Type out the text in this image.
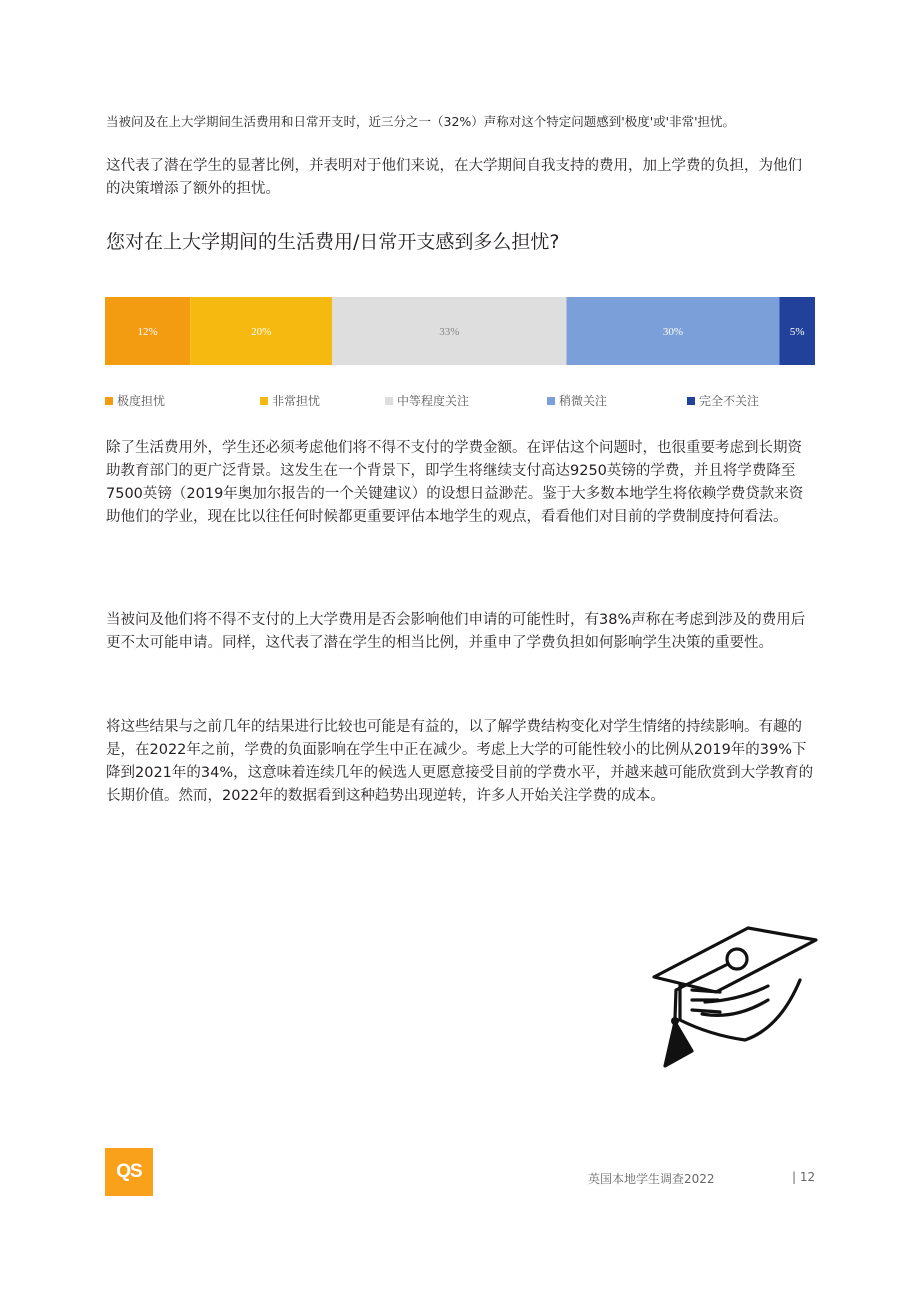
当被问及在上大学期间生活费用和日常开支时，近三分之一（32%）声称对这个特定问题感到'极度'或'非常'担忧。
这代表了潜在学生的显著比例，并表明对于他们来说，在大学期间自我支持的费用，加上学费的负担，为他们的决策增添了额外的担忧。
您对在上大学期间的生活费用/日常开支感到多么担忧?
12%	20%	33%	30%	5%
极度担忧	非常担忧	中等程度关注	稍微关注	完全不关注
除了生活费用外，学生还必须考虑他们将不得不支付的学费金额。在评估这个问题时，也很重要考虑到长期资助教育部门的更广泛背景。这发生在一个背景下，即学生将继续支付高达9250英镑的学费，并且将学费降至7500英镑（2019年奥加尔报告的一个关键建议）的设想日益渺茫。鉴于大多数本地学生将依赖学费贷款来资助他们的学业，现在比以往任何时候都更重要评估本地学生的观点，看看他们对目前的学费制度持何看法。
当被问及他们将不得不支付的上大学费用是否会影响他们申请的可能性时，有38%声称在考虑到涉及的费用后更不太可能申请。同样，这代表了潜在学生的相当比例，并重申了学费负担如何影响学生决策的重要性。
将这些结果与之前几年的结果进行比较也可能是有益的，以了解学费结构变化对学生情绪的持续影响。有趣的是，在2022年之前，学费的负面影响在学生中正在减少。考虑上大学的可能性较小的比例从2019年的39%下降到2021年的34%，这意味着连续几年的候选人更愿意接受目前的学费水平，并越来越可能欣赏到大学教育的长期价值。然而，2022年的数据看到这种趋势出现逆转，许多人开始关注学费的成本。
QS	英国本地学生调查2022	| 12
